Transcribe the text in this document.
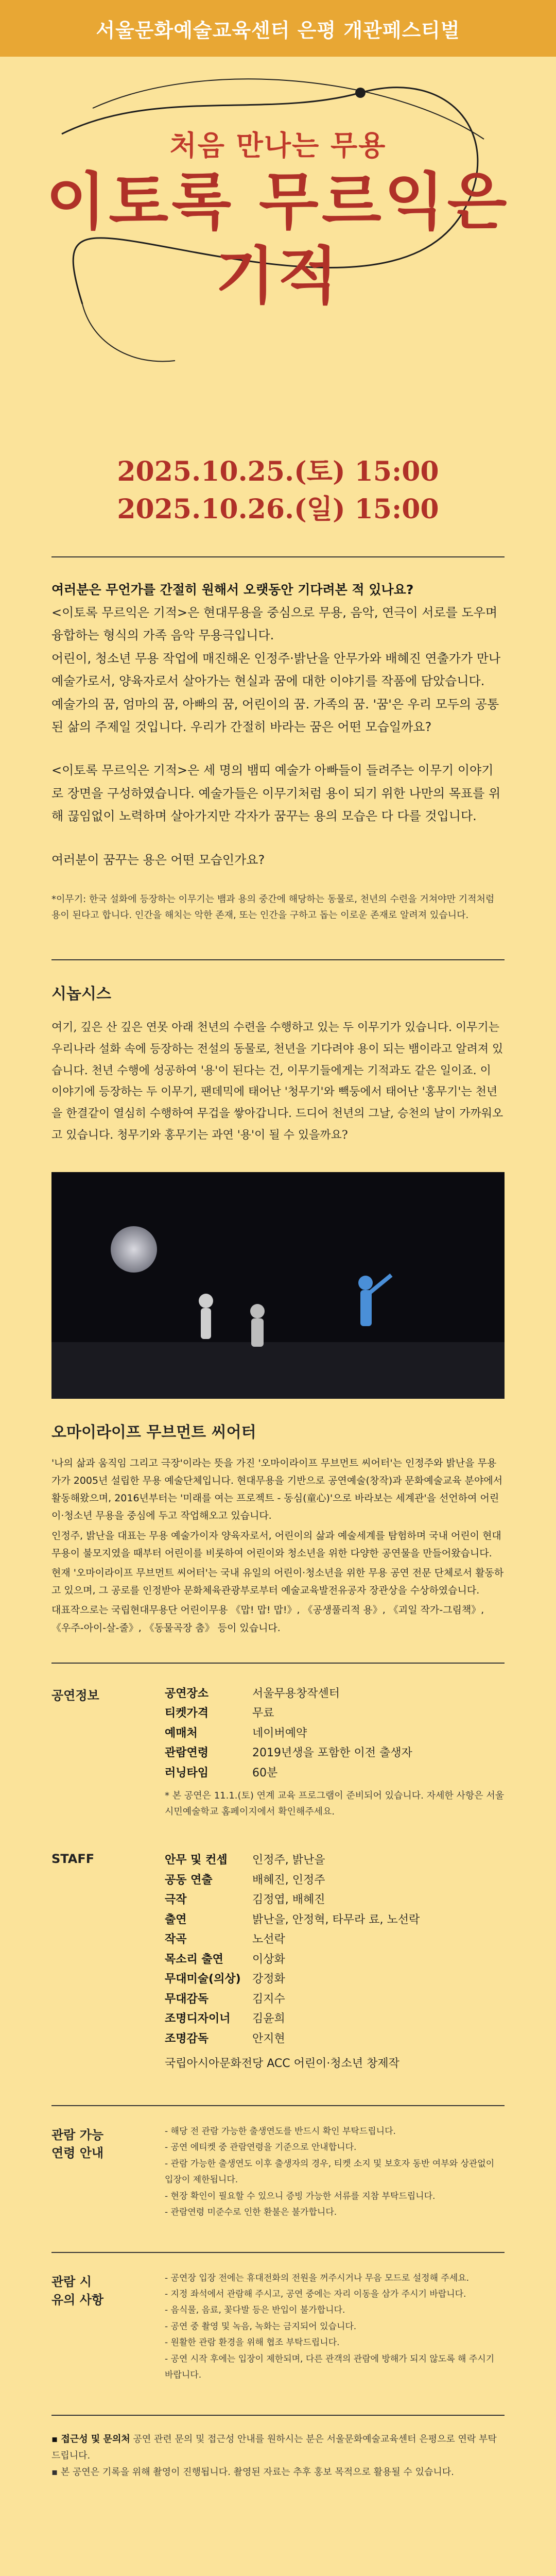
서울문화예술교육센터 은평 개관페스티벌
처음 만나는 무용
이토록 무르익은
기적
2025.10.25.(토) 15:00
2025.10.26.(일) 15:00

여러분은 무언가를 간절히 원해서 오랫동안 기다려본 적 있나요?

<이토록 무르익은 기적>은 현대무용을 중심으로 무용, 음악, 연극이 서로를 도우며 융합하는 형식의 가족 음악 무용극입니다.

어린이, 청소년 무용 작업에 매진해온 인정주·밝난을 안무가와 배혜진 연출가가 만나 예술가로서, 양육자로서 살아가는 현실과 꿈에 대한 이야기를 작품에 담았습니다.

예술가의 꿈, 엄마의 꿈, 아빠의 꿈, 어린이의 꿈. 가족의 꿈. '꿈'은 우리 모두의 공통된 삶의 주제일 것입니다. 우리가 간절히 바라는 꿈은 어떤 모습일까요?

<이토록 무르익은 기적>은 세 명의 뱀띠 예술가 아빠들이 들려주는 이무기 이야기로 장면을 구성하였습니다. 예술가들은 이무기처럼 용이 되기 위한 나만의 목표를 위해 끊임없이 노력하며 살아가지만 각자가 꿈꾸는 용의 모습은 다 다를 것입니다.

여러분이 꿈꾸는 용은 어떤 모습인가요?

*이무기: 한국 설화에 등장하는 이무기는 뱀과 용의 중간에 해당하는 동물로, 천년의 수련을 거쳐야만 기적처럼 용이 된다고 합니다. 인간을 해치는 악한 존재, 또는 인간을 구하고 돕는 이로운 존재로 알려져 있습니다.

시놉시스

여기, 깊은 산 깊은 연못 아래 천년의 수련을 수행하고 있는 두 이무기가 있습니다. 이무기는 우리나라 설화 속에 등장하는 전설의 동물로, 천년을 기다려야 용이 되는 뱀이라고 알려져 있습니다. 천년 수행에 성공하여 '용'이 된다는 건, 이무기들에게는 기적과도 같은 일이죠. 이 이야기에 등장하는 두 이무기, 팬데믹에 태어난 '청무기'와 빽둥에서 태어난 '홍무기'는 천년을 한결같이 열심히 수행하여 무겁을 쌓아갑니다. 드디어 천년의 그날, 승천의 날이 가까워오고 있습니다. 청무기와 홍무기는 과연 '용'이 될 수 있을까요?

오마이라이프 무브먼트 씨어터

'나의 삶과 움직임 그리고 극장'이라는 뜻을 가진 '오마이라이프 무브먼트 씨어터'는 인정주와 밝난을 무용가가 2005년 설립한 무용 예술단체입니다. 현대무용을 기반으로 공연예술(창작)과 문화예술교육 분야에서 활동해왔으며, 2016년부터는 '미래를 여는 프로젝트 - 동심(童心)'으로 바라보는 세계관'을 선언하여 어린이·청소년 무용을 중심에 두고 작업해오고 있습니다.

인정주, 밝난을 대표는 무용 예술가이자 양육자로서, 어린이의 삶과 예술세계를 탐험하며 국내 어린이 현대무용이 불모지였을 때부터 어린이를 비롯하여 어린이와 청소년을 위한 다양한 공연물을 만들어왔습니다.

현재 '오마이라이프 무브먼트 씨어터'는 국내 유일의 어린이·청소년을 위한 무용 공연 전문 단체로서 활동하고 있으며, 그 공로를 인정받아 문화체육관광부로부터 예술교육발전유공자 장관상을 수상하였습니다.

대표작으로는 국립현대무용단 어린이무용 《맙! 맙! 맙!》, 《공생풀리적 용》, 《괴일 작가-그림책》, 《우주-아이-살-줄》, 《동물곡장 춤》 등이 있습니다.

공연정보	공연장소	서울무용창작센터
티켓가격	무료
예매처	네이버예약
관람연령	2019년생을 포함한 이전 출생자
러닝타임	60분

* 본 공연은 11.1.(토) 연계 교육 프로그램이 준비되어 있습니다. 자세한 사항은 서울시민예술학교 홈페이지에서 확인해주세요.

STAFF	안무 및 컨셉	인정주, 밝난을
공동 연출	배혜진, 인정주
극작	김정엽, 배혜진
출연	밝난을, 안정혁, 타무라 료, 노선락
작곡	노선락
목소리 출연	이상화
무대미술(의상)	강정화
무대감독	김지수
조명디자이너	김윤희
조명감독	안지현
국립아시아문화전당 ACC 어린이·청소년 창제작
관람 가능
연령 안내
- 해당 전 관람 가능한 출생연도를 반드시 확인 부탁드립니다.
- 공연 에티켓 중 관람연령을 기준으로 안내합니다.
- 관람 가능한 출생연도 이후 출생자의 경우, 티켓 소지 및 보호자 동반 여부와 상관없이 입장이 제한됩니다.
- 현장 확인이 필요할 수 있으니 증빙 가능한 서류를 지참 부탁드립니다.
- 관람연령 미준수로 인한 환불은 불가합니다.
관람 시
유의 사항
- 공연장 입장 전에는 휴대전화의 전원을 꺼주시거나 무음 모드로 설정해 주세요.
- 지정 좌석에서 관람해 주시고, 공연 중에는 자리 이동을 삼가 주시기 바랍니다.
- 음식물, 음료, 꽃다발 등은 반입이 불가합니다.
- 공연 중 촬영 및 녹음, 녹화는 금지되어 있습니다.
- 원활한 관람 환경을 위해 협조 부탁드립니다.
- 공연 시작 후에는 입장이 제한되며, 다른 관객의 관람에 방해가 되지 않도록 해 주시기 바랍니다.

▪ 접근성 및 문의처 공연 관련 문의 및 접근성 안내를 원하시는 분은 서울문화예술교육센터 은평으로 연락 부탁드립니다.

▪ 본 공연은 기록을 위해 촬영이 진행됩니다. 촬영된 자료는 추후 홍보 목적으로 활용될 수 있습니다.
